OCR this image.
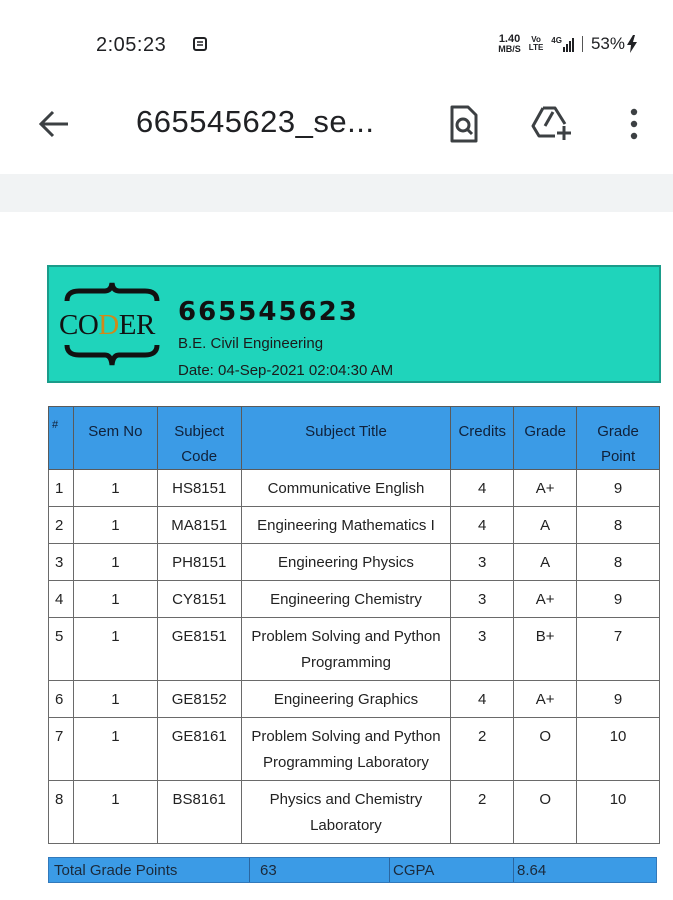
2:05:23	1.40
MB/S
Vo
LTE
4G 53%
665545623_se...
CODER 665545623
B.E. Civil Engineering
Date: 04-Sep-2021 02:04:30 AM
#	Sem No	Subject Code	Subject Title	Credits	Grade	Grade Point
1	1	HS8151	Communicative English	4	A+	9
2	1	MA8151	Engineering Mathematics I	4	A	8
3	1	PH8151	Engineering Physics	3	A	8
4	1	CY8151	Engineering Chemistry	3	A+	9
5	1	GE8151	Problem Solving and Python Programming	3	B+	7
6	1	GE8152	Engineering Graphics	4	A+	9
7	1	GE8161	Problem Solving and Python Programming Laboratory	2	O	10
8	1	BS8161	Physics and Chemistry Laboratory	2	O	10
Total Grade Points	63	CGPA	8.64
